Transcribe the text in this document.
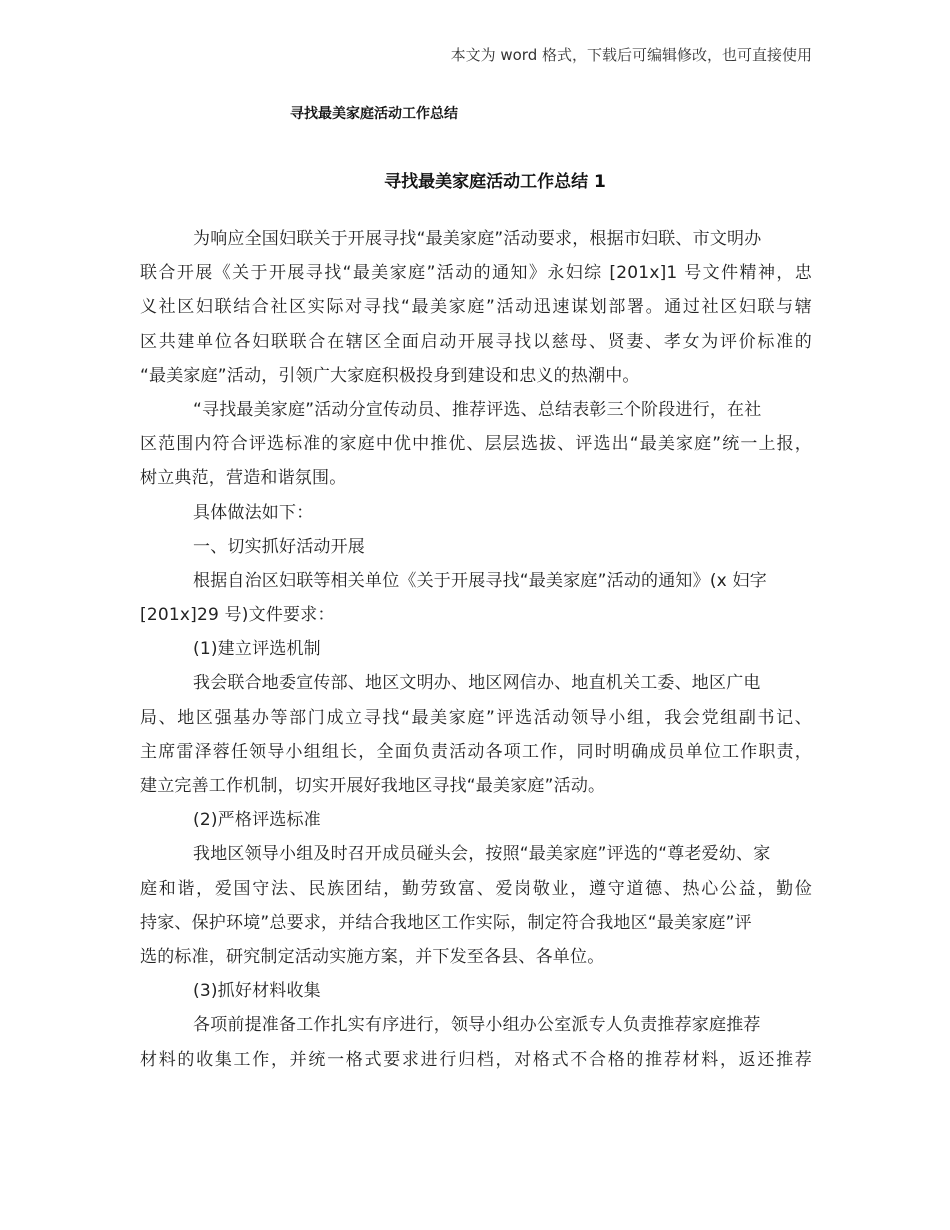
本文为 word 格式，下载后可编辑修改，也可直接使用
寻找最美家庭活动工作总结
寻找最美家庭活动工作总结 1
为响应全国妇联关于开展寻找“最美家庭”活动要求，根据市妇联、市文明办
联合开展《关于开展寻找“最美家庭”活动的通知》永妇综 [201x]1 号文件精神，忠
义社区妇联结合社区实际对寻找“最美家庭”活动迅速谋划部署。通过社区妇联与辖
区共建单位各妇联联合在辖区全面启动开展寻找以慈母、贤妻、孝女为评价标准的
“最美家庭”活动，引领广大家庭积极投身到建设和忠义的热潮中。
“寻找最美家庭”活动分宣传动员、推荐评选、总结表彰三个阶段进行，在社
区范围内符合评选标准的家庭中优中推优、层层选拔、评选出“最美家庭”统一上报，
树立典范，营造和谐氛围。
具体做法如下：
一、切实抓好活动开展
根据自治区妇联等相关单位《关于开展寻找“最美家庭”活动的通知》(x 妇字
[201x]29 号)文件要求：
(1)建立评选机制
我会联合地委宣传部、地区文明办、地区网信办、地直机关工委、地区广电
局、地区强基办等部门成立寻找“最美家庭”评选活动领导小组，我会党组副书记、
主席雷泽蓉任领导小组组长，全面负责活动各项工作，同时明确成员单位工作职责，
建立完善工作机制，切实开展好我地区寻找“最美家庭”活动。
(2)严格评选标准
我地区领导小组及时召开成员碰头会，按照“最美家庭”评选的“尊老爱幼、家
庭和谐，爱国守法、民族团结，勤劳致富、爱岗敬业，遵守道德、热心公益，勤俭
持家、保护环境”总要求，并结合我地区工作实际，制定符合我地区“最美家庭”评
选的标准，研究制定活动实施方案，并下发至各县、各单位。
(3)抓好材料收集
各项前提准备工作扎实有序进行，领导小组办公室派专人负责推荐家庭推荐
材料的收集工作，并统一格式要求进行归档，对格式不合格的推荐材料，返还推荐
